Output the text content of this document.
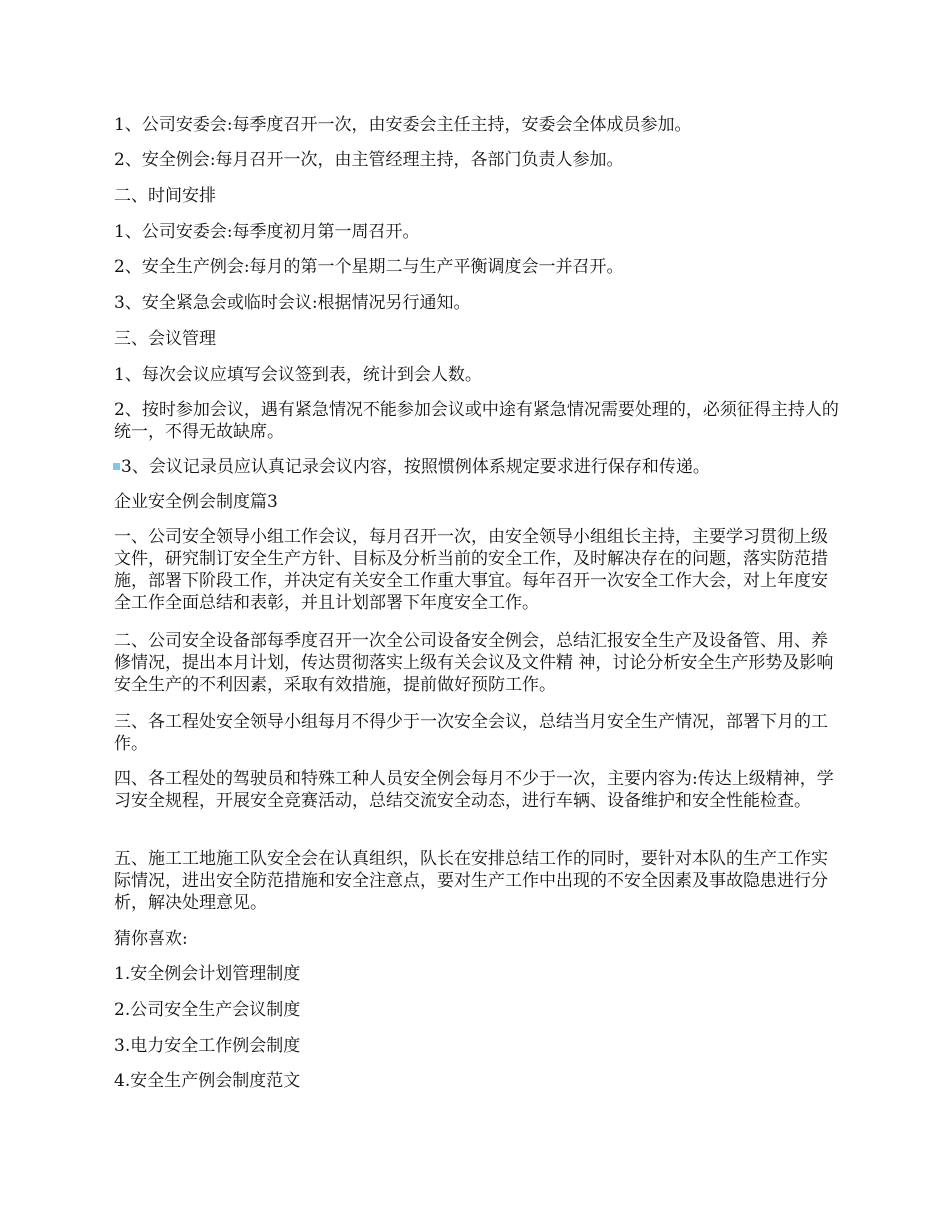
1、公司安委会:每季度召开一次，由安委会主任主持，安委会全体成员参加。

2、安全例会:每月召开一次，由主管经理主持，各部门负责人参加。

二、时间安排

1、公司安委会:每季度初月第一周召开。

2、安全生产例会:每月的第一个星期二与生产平衡调度会一并召开。

3、安全紧急会或临时会议:根据情况另行通知。

三、会议管理

1、每次会议应填写会议签到表，统计到会人数。

2、按时参加会议，遇有紧急情况不能参加会议或中途有紧急情况需要处理的，必须征得主持人的统一，不得无故缺席。

3、会议记录员应认真记录会议内容，按照惯例体系规定要求进行保存和传递。

企业安全例会制度篇3

一、公司安全领导小组工作会议，每月召开一次，由安全领导小组组长主持，主要学习贯彻上级文件，研究制订安全生产方针、目标及分析当前的安全工作，及时解决存在的问题，落实防范措施，部署下阶段工作，并决定有关安全工作重大事宜。每年召开一次安全工作大会，对上年度安全工作全面总结和表彰，并且计划部署下年度安全工作。

二、公司安全设备部每季度召开一次全公司设备安全例会，总结汇报安全生产及设备管、用、养修情况，提出本月计划，传达贯彻落实上级有关会议及文件精 神，讨论分析安全生产形势及影响安全生产的不利因素，采取有效措施，提前做好预防工作。

三、各工程处安全领导小组每月不得少于一次安全会议，总结当月安全生产情况，部署下月的工作。

四、各工程处的驾驶员和特殊工种人员安全例会每月不少于一次，主要内容为:传达上级精神，学习安全规程，开展安全竞赛活动，总结交流安全动态，进行车辆、设备维护和安全性能检查。

五、施工工地施工队安全会在认真组织，队长在安排总结工作的同时，要针对本队的生产工作实际情况，进出安全防范措施和安全注意点，要对生产工作中出现的不安全因素及事故隐患进行分析，解决处理意见。

猜你喜欢:

1.安全例会计划管理制度

2.公司安全生产会议制度

3.电力安全工作例会制度

4.安全生产例会制度范文
